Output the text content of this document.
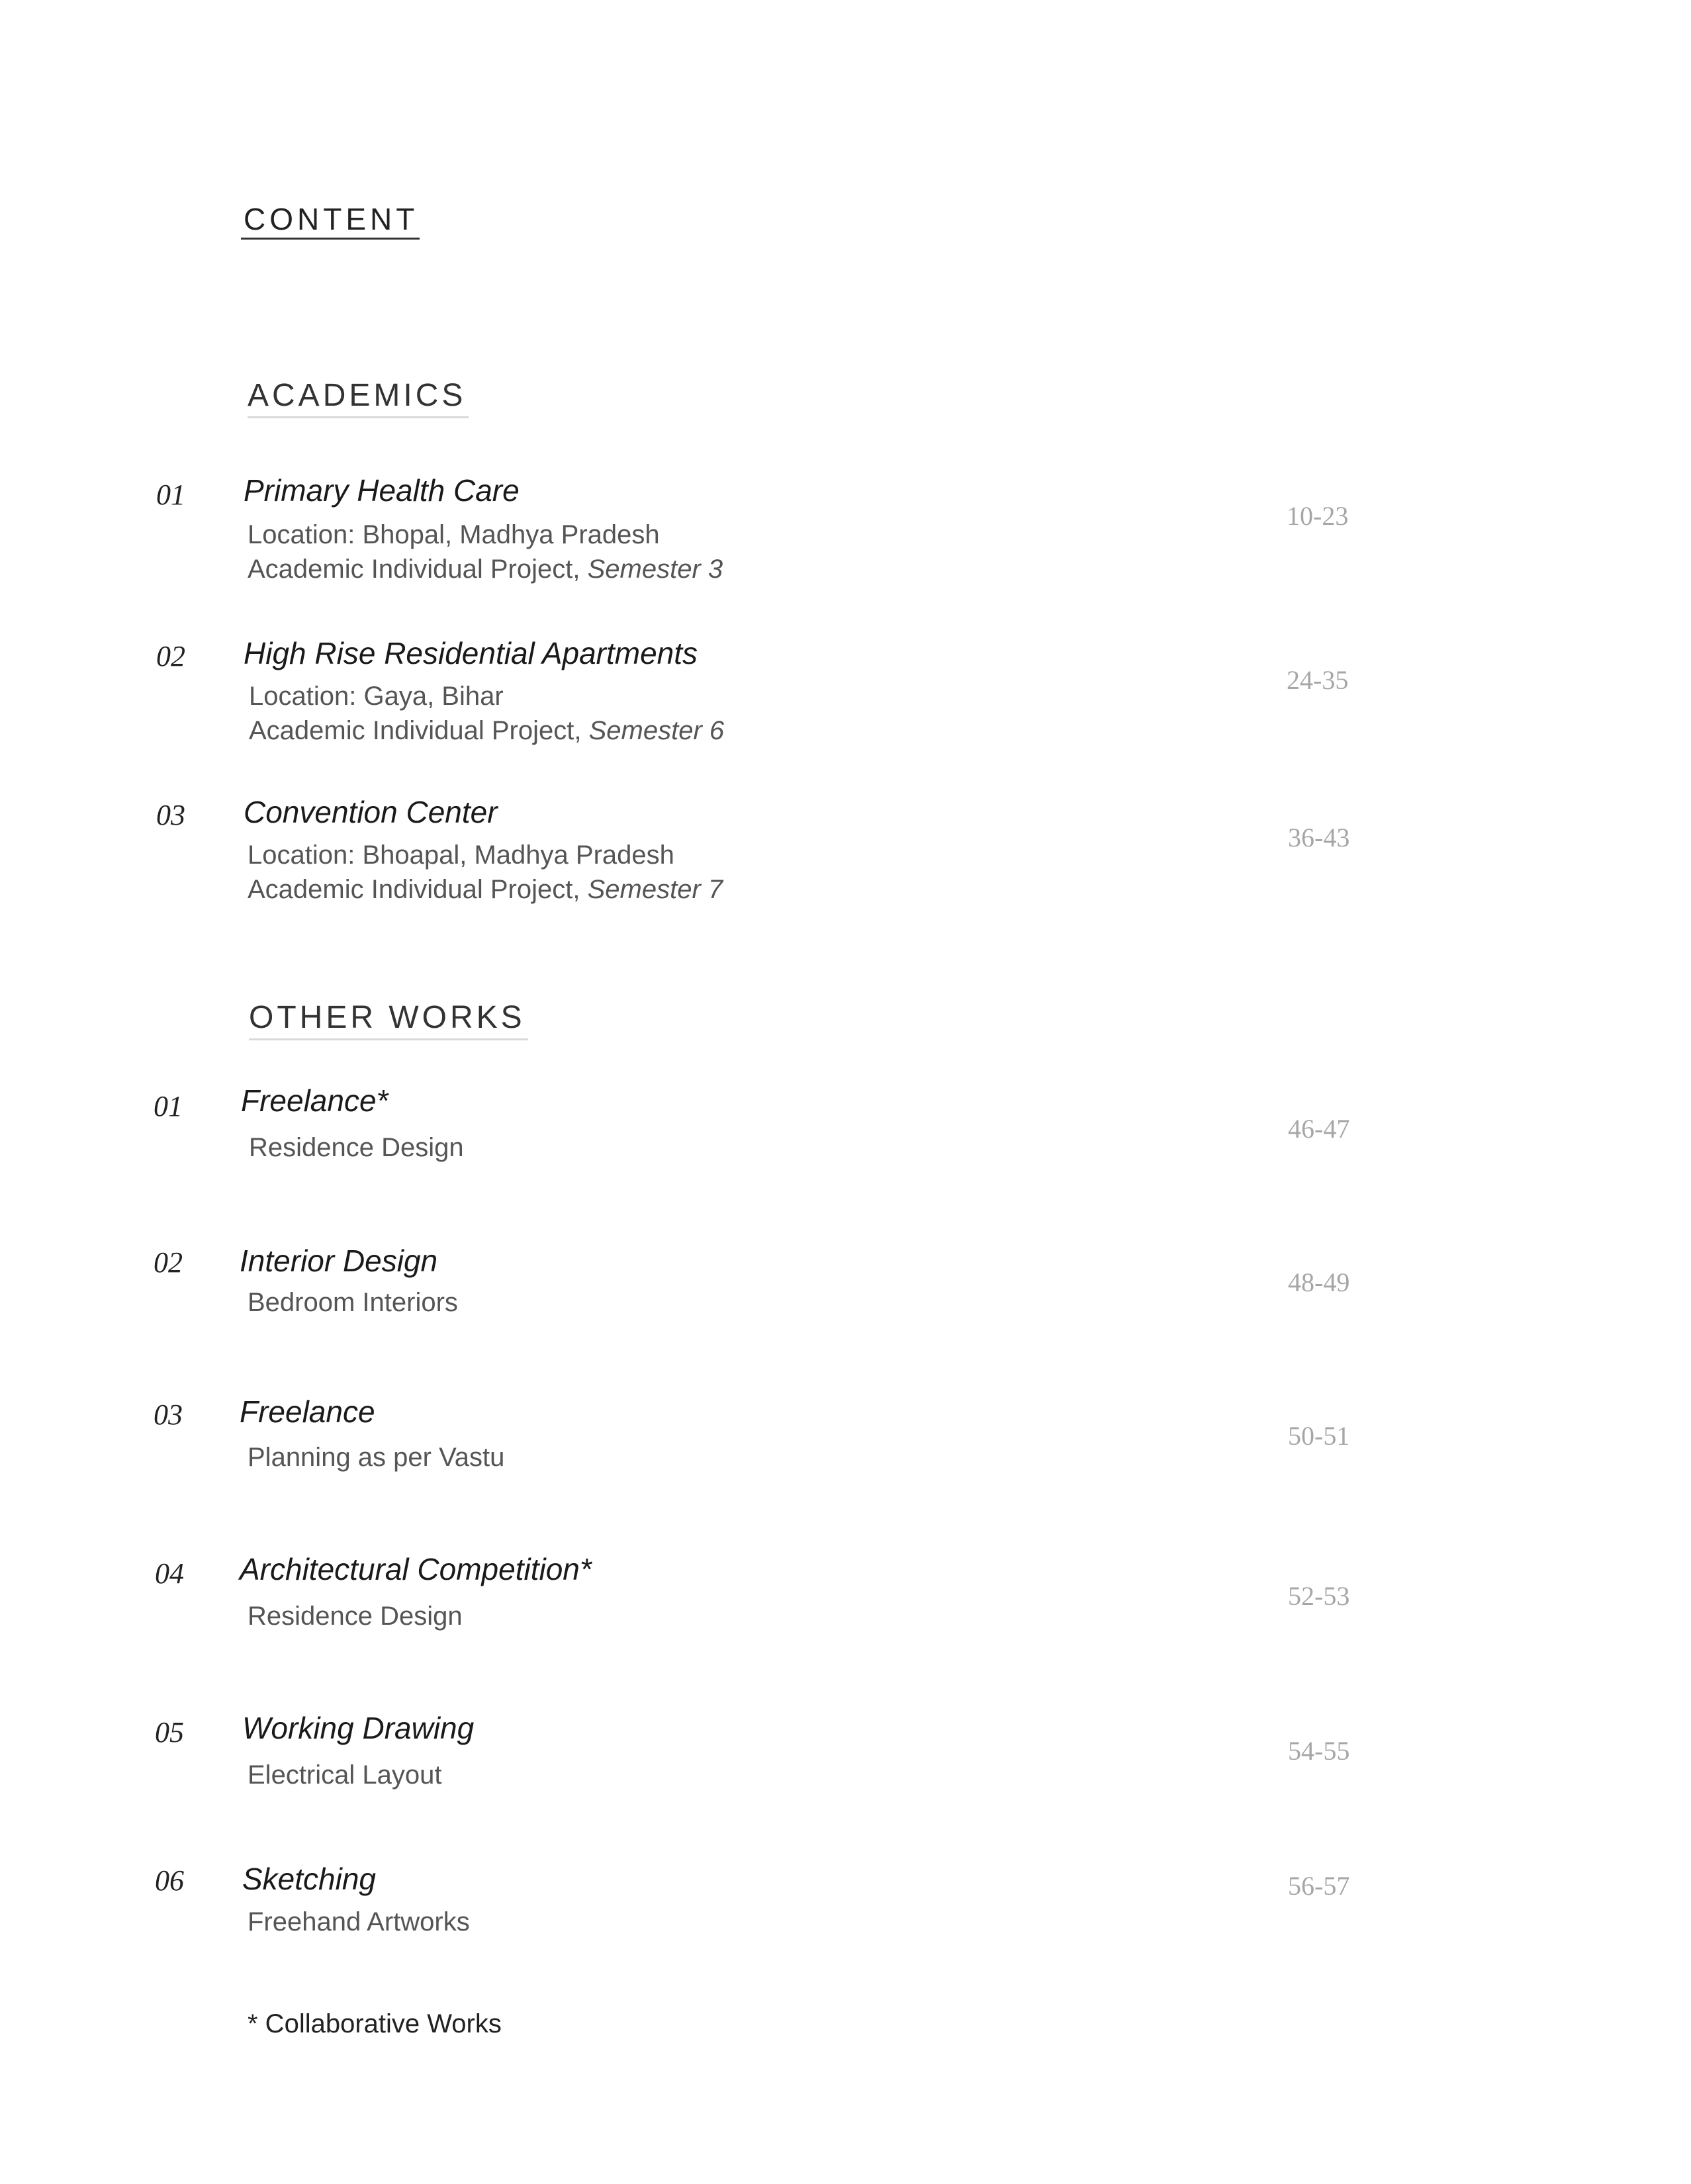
CONTENT
ACADEMICS
01 Primary Health Care
Location: Bhopal, Madhya Pradesh
Academic Individual Project, Semester 3
10-23
02 High Rise Residential Apartments
Location: Gaya, Bihar
Academic Individual Project, Semester 6
24-35
03 Convention Center
Location: Bhoapal, Madhya Pradesh
Academic Individual Project, Semester 7
36-43
OTHER WORKS
01 Freelance*
Residence Design
46-47
02 Interior Design
Bedroom Interiors
48-49
03 Freelance
Planning as per Vastu
50-51
04 Architectural Competition*
Residence Design
52-53
05 Working Drawing
Electrical Layout
54-55
06 Sketching
Freehand Artworks
56-57
* Collaborative Works
